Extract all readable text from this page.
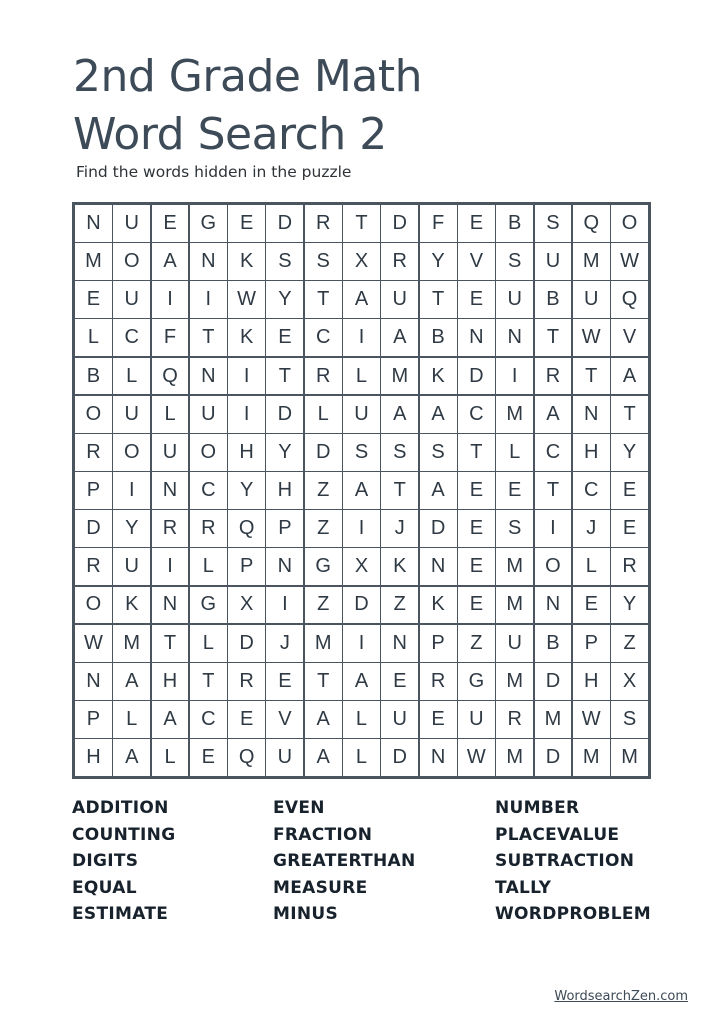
2nd Grade Math
Word Search 2

Find the words hidden in the puzzle

N	U	E	G	E	D	R	T	D	F	E	B	S	Q	O
M	O	A	N	K	S	S	X	R	Y	V	S	U	M	W
E	U	I	I	W	Y	T	A	U	T	E	U	B	U	Q
L	C	F	T	K	E	C	I	A	B	N	N	T	W	V
B	L	Q	N	I	T	R	L	M	K	D	I	R	T	A
O	U	L	U	I	D	L	U	A	A	C	M	A	N	T
R	O	U	O	H	Y	D	S	S	S	T	L	C	H	Y
P	I	N	C	Y	H	Z	A	T	A	E	E	T	C	E
D	Y	R	R	Q	P	Z	I	J	D	E	S	I	J	E
R	U	I	L	P	N	G	X	K	N	E	M	O	L	R
O	K	N	G	X	I	Z	D	Z	K	E	M	N	E	Y
W	M	T	L	D	J	M	I	N	P	Z	U	B	P	Z
N	A	H	T	R	E	T	A	E	R	G	M	D	H	X
P	L	A	C	E	V	A	L	U	E	U	R	M	W	S
H	A	L	E	Q	U	A	L	D	N	W	M	D	M	M
ADDITION
COUNTING
DIGITS
EQUAL
ESTIMATE
EVEN
FRACTION
GREATERTHAN
MEASURE
MINUS
NUMBER
PLACEVALUE
SUBTRACTION
TALLY
WORDPROBLEM
WordsearchZen.com
